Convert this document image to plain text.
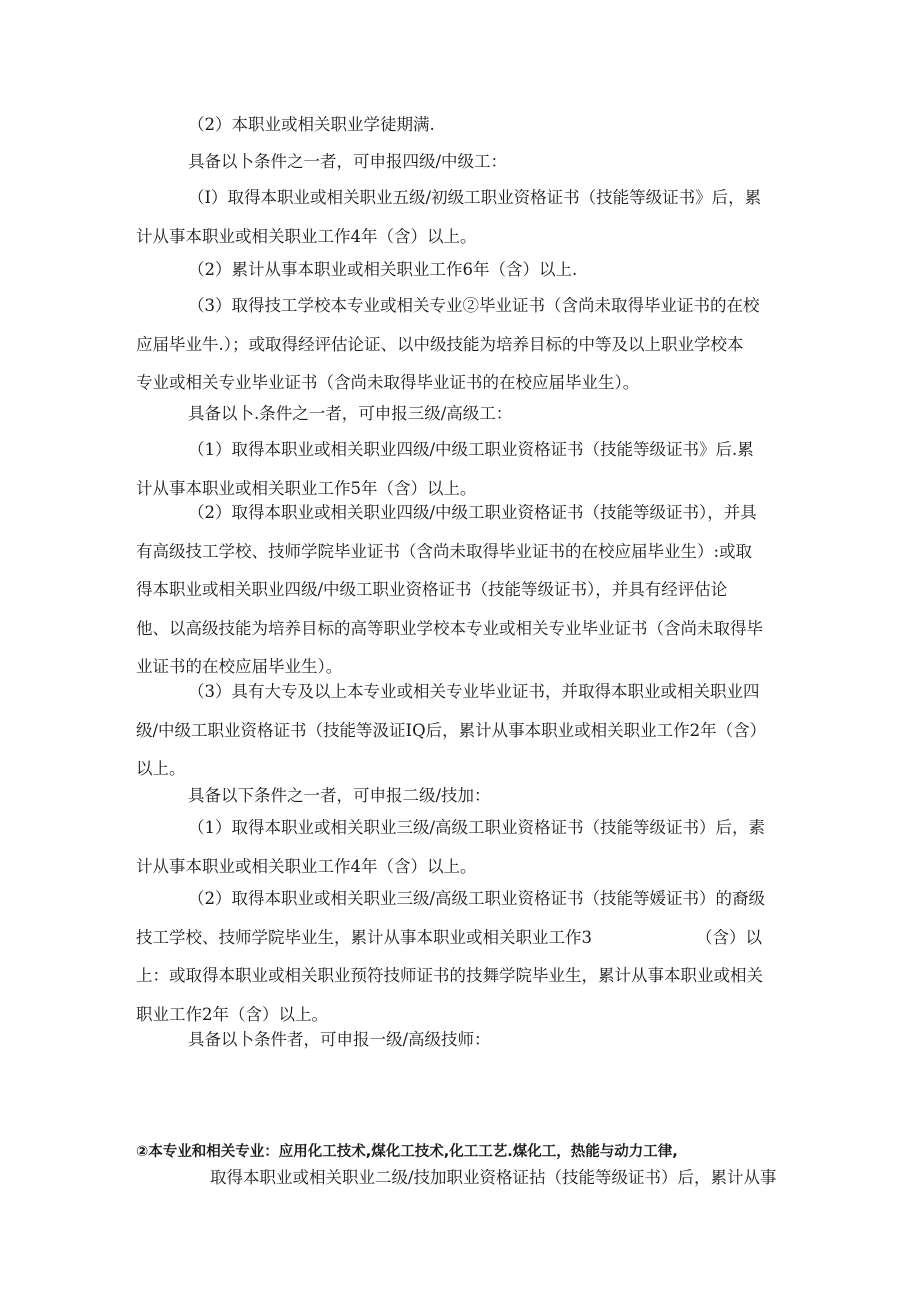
（2）本职业或相关职业学徒期满.

具备以卜条件之一者，可申报四级/中级工：

（I）取得本职业或相关职业五级/初级工职业资格证书（技能等级证书》后，累
计从事本职业或相关职业工作4年（含）以上。

（2）累计从事本职业或相关职业工作6年（含）以上.

（3）取得技工学校本专业或相关专业②毕业证书（含尚未取得毕业证书的在校
应届毕业牛.）；或取得经评估论证、以中级技能为培养目标的中等及以上职业学校本
专业或相关专业毕业证书（含尚未取得毕业证书的在校应届毕业生）。

具备以卜.条件之一者，可申报三级/高级工：

（1）取得本职业或相关职业四级/中级工职业资格证书（技能等级证书》后.累
计从事本职业或相关职业工作5年（含）以上。

（2）取得本职业或相关职业四级/中级工职业资格证书（技能等级证书），并具
有高级技工学校、技师学院毕业证书（含尚未取得毕业证书的在校应届毕业生）:或取
得本职业或相关职业四级/中级工职业资格证书（技能等级证书），并具有经评估论
他、以高级技能为培养目标的高等职业学校本专业或相关专业毕业证书（含尚未取得毕
业证书的在校应届毕业生）。

（3）具有大专及以上本专业或相关专业毕业证书，并取得本职业或相关职业四
级/中级工职业资格证书（技能等汲证IQ后，累计从事本职业或相关职业工作2年（含）
以上。

具备以下条件之一者，可申报二级/技加：

（1）取得本职业或相关职业三级/高级工职业资格证书（技能等级证书）后，素
计从事本职业或相关职业工作4年（含）以上。

（2）取得本职业或相关职业三级/高级工职业资格证书（技能等媛证书）的裔级
技工学校、技师学院毕业生，累计从事本职业或相关职业工作3	（含）以
上：或取得本职业或相关职业预符技师证书的技舞学院毕业生，累计从事本职业或相关
职业工作2年（含）以上。

具备以卜条件者，可申报一级/高级技师：

②本专业和相关专业：应用化工技术,煤化工技术,化工工艺.煤化工，热能与动力工律,

取得本职业或相关职业二级/技加职业资格证拈（技能等级证书）后，累计从事
